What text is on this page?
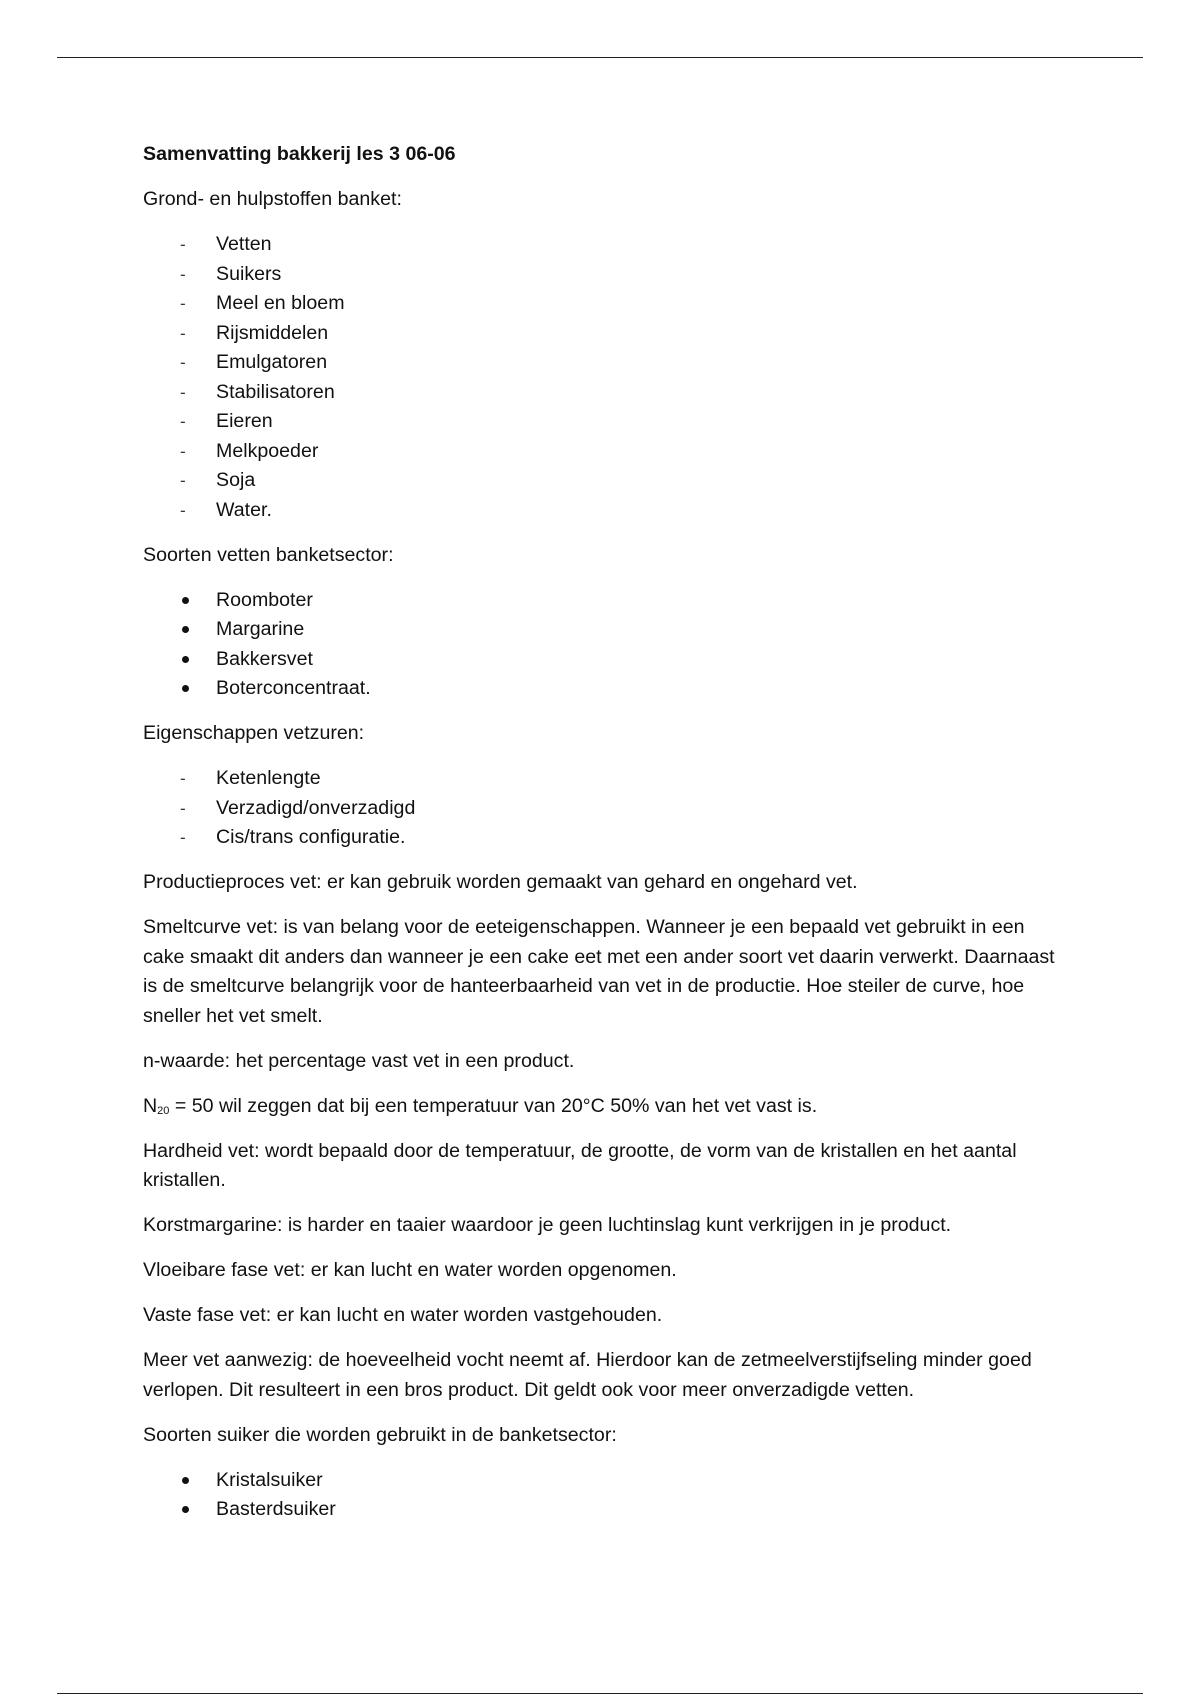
Samenvatting bakkerij les 3 06-06
Grond- en hulpstoffen banket:
-	Vetten
-	Suikers
-	Meel en bloem
-	Rijsmiddelen
-	Emulgatoren
-	Stabilisatoren
-	Eieren
-	Melkpoeder
-	Soja
-	Water.
Soorten vetten banketsector:
Roomboter
Margarine
Bakkersvet
Boterconcentraat.
Eigenschappen vetzuren:
-	Ketenlengte
-	Verzadigd/onverzadigd
-	Cis/trans configuratie.
Productieproces vet: er kan gebruik worden gemaakt van gehard en ongehard vet.
Smeltcurve vet: is van belang voor de eeteigenschappen. Wanneer je een bepaald vet gebruikt in een cake smaakt dit anders dan wanneer je een cake eet met een ander soort vet daarin verwerkt. Daarnaast is de smeltcurve belangrijk voor de hanteerbaarheid van vet in de productie. Hoe steiler de curve, hoe sneller het vet smelt.
n-waarde: het percentage vast vet in een product.
N20 = 50 wil zeggen dat bij een temperatuur van 20°C 50% van het vet vast is.
Hardheid vet: wordt bepaald door de temperatuur, de grootte, de vorm van de kristallen en het aantal kristallen.
Korstmargarine: is harder en taaier waardoor je geen luchtinslag kunt verkrijgen in je product.
Vloeibare fase vet: er kan lucht en water worden opgenomen.
Vaste fase vet: er kan lucht en water worden vastgehouden.
Meer vet aanwezig: de hoeveelheid vocht neemt af. Hierdoor kan de zetmeelverstijfseling minder goed verlopen. Dit resulteert in een bros product. Dit geldt ook voor meer onverzadigde vetten.
Soorten suiker die worden gebruikt in de banketsector:
Kristalsuiker
Basterdsuiker
